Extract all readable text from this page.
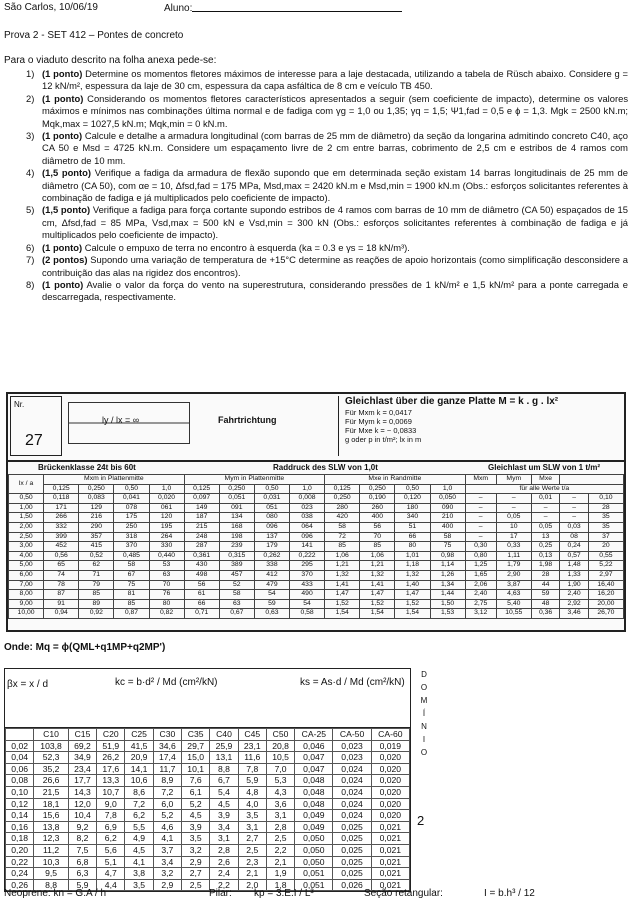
São Carlos, 10/06/19	Aluno:
Prova 2 - SET 412 – Pontes de concreto
Para o viaduto descrito na folha anexa pede-se:
1) (1 ponto) Determine os momentos fletores máximos de interesse para a laje destacada, utilizando a tabela de Rüsch abaixo. Considere g = 12 kN/m², espessura da laje de 30 cm, espessura da capa asfáltica de 8 cm e veículo TB 450.
2) (1 ponto) Considerando os momentos fletores característicos apresentados a seguir (sem coeficiente de impacto), determine os valores máximos e mínimos nas combinações última normal e de fadiga com γg = 1,0 ou 1,35; γq = 1,5; Ψ1,fad = 0,5 e ϕ = 1,3. Mgk = 2500 kN.m; Mqk,max = 1027,5 kN.m; Mqk,min = 0 kN.m.
3) (1 ponto) Calcule e detalhe a armadura longitudinal (com barras de 25 mm de diâmetro) da seção da longarina admitindo concreto C40, aço CA 50 e Msd = 4725 kN.m. Considere um espaçamento livre de 2 cm entre barras, cobrimento de 2,5 cm e estribos de 4 ramos com diâmetro de 10 mm.
4) (1,5 ponto) Verifique a fadiga da armadura de flexão supondo que em determinada seção existam 14 barras longitudinais de 25 mm de diâmetro (CA 50), com αe = 10, Δfsd,fad = 175 MPa, Msd,max = 2420 kN.m e Msd,min = 1900 kN.m (Obs.: esforços solicitantes referentes à combinação de fadiga e já multiplicados pelo coeficiente de impacto).
5) (1,5 ponto) Verifique a fadiga para força cortante supondo estribos de 4 ramos com barras de 10 mm de diâmetro (CA 50) espaçados de 15 cm, Δfsd,fad = 85 MPa, Vsd,max = 500 kN e Vsd,min = 300 kN (Obs.: esforços solicitantes referentes à combinação de fadiga e já multiplicados pelo coeficiente de impacto).
6) (1 ponto) Calcule o empuxo de terra no encontro à esquerda (ka = 0.3 e γs = 18 kN/m³).
7) (2 pontos) Supondo uma variação de temperatura de +15°C determine as reações de apoio horizontais (como simplificação desconsidere a contribuição das alas na rigidez dos encontros).
8) (1 ponto) Avalie o valor da força do vento na superestrutura, considerando pressões de 1 kN/m² e 1,5 kN/m² para a ponte carregada e descarregada, respectivamente.
Nr.
27
ly / lx = ∞	Fahrtrichtung
Gleichlast über die ganze Platte M = k . g . lx²
Für Mxm k = 0,0417
Für Mym k = 0,0069
Für Mxe k = − 0,0833
g oder p in t/m²; lx in m
Brückenklasse 24t bis 60t	Raddruck des SLW von 1,0t	Gleichlast um SLW von 1 t/m²
lx / a	Mxm in Plattenmitte				Mym in Plattenmitte				Mxe in Randmitte				Mxm	Mym	Mxe		
	0,125	0,250	0,50	1,0	0,125	0,250	0,50	1,0	0,125	0,250	0,50	1,0	für alle Werte t/a				
0,50	0,118	0,083	0,041	0,020	0,097	0,051	0,031	0,008	0,250	0,190	0,120	0,050	–	–	0,01	–	0,10
1,00	171	129	078	061	149	091	051	023	280	260	180	090	–	–	–	–	28
1,50	266	216	175	120	187	134	080	038	420	400	340	210	–	0,05	–	–	35
2,00	332	290	250	195	215	168	096	064	58	56	51	400	–	10	0,05	0,03	35
2,50	399	357	318	264	248	198	137	096	72	70	66	58	–	17	13	08	37
3,00	452	415	370	330	287	239	179	141	85	85	80	75	0,30	0,33	0,25	0,24	20
4,00	0,56	0,52	0,485	0,440	0,361	0,315	0,262	0,222	1,06	1,06	1,01	0,98	0,80	1,11	0,13	0,57	0,55
5,00	65	62	58	53	430	389	338	295	1,21	1,21	1,18	1,14	1,25	1,79	1,98	1,48	5,22
6,00	74	71	67	63	498	457	412	370	1,32	1,32	1,32	1,26	1,65	2,90	28	1,33	2,97
7,00	78	79	75	70	56	52	479	433	1,41	1,41	1,40	1,34	2,06	3,87	44	1,90	16,40
8,00	87	85	81	76	61	58	54	490	1,47	1,47	1,47	1,44	2,40	4,63	59	2,40	16,20
9,00	91	89	85	80	66	63	59	54	1,52	1,52	1,52	1,50	2,75	5,40	48	2,92	20,00
10,00	0,94	0,92	0,87	0,82	0,71	0,67	0,63	0,58	1,54	1,54	1,54	1,53	3,12	10,55	0,36	3,46	26,70
Onde: Mq = ϕ(QML+q1MP+q2MP')
βx = x / d	kc = b·d² / Md (cm²/kN)	ks = As·d / Md (cm²/kN)
	C10	C15	C20	C25	C30	C35	C40	C45	C50	CA-25	CA-50	CA-60
0,02	103,8	69,2	51,9	41,5	34,6	29,7	25,9	23,1	20,8	0,046	0,023	0,019
0,04	52,3	34,9	26,2	20,9	17,4	15,0	13,1	11,6	10,5	0,047	0,023	0,020
0,06	35,2	23,4	17,6	14,1	11,7	10,1	8,8	7,8	7,0	0,047	0,024	0,020
0,08	26,6	17,7	13,3	10,6	8,9	7,6	6,7	5,9	5,3	0,048	0,024	0,020
0,10	21,5	14,3	10,7	8,6	7,2	6,1	5,4	4,8	4,3	0,048	0,024	0,020
0,12	18,1	12,0	9,0	7,2	6,0	5,2	4,5	4,0	3,6	0,048	0,024	0,020
0,14	15,6	10,4	7,8	6,2	5,2	4,5	3,9	3,5	3,1	0,049	0,024	0,020
0,16	13,8	9,2	6,9	5,5	4,6	3,9	3,4	3,1	2,8	0,049	0,025	0,021
0,18	12,3	8,2	6,2	4,9	4,1	3,5	3,1	2,7	2,5	0,050	0,025	0,021
0,20	11,2	7,5	5,6	4,5	3,7	3,2	2,8	2,5	2,2	0,050	0,025	0,021
0,22	10,3	6,8	5,1	4,1	3,4	2,9	2,6	2,3	2,1	0,050	0,025	0,021
0,24	9,5	6,3	4,7	3,8	3,2	2,7	2,4	2,1	1,9	0,051	0,025	0,021
0,26	8,8	5,9	4,4	3,5	2,9	2,5	2,2	2,0	1,8	0,051	0,026	0,021
2
D
O
M
Í
N
I
O
Neoprene: kn = G.A / h	Pilar: kp = 3.E.I / L³	Seção retangular:	I = b.h³ / 12
